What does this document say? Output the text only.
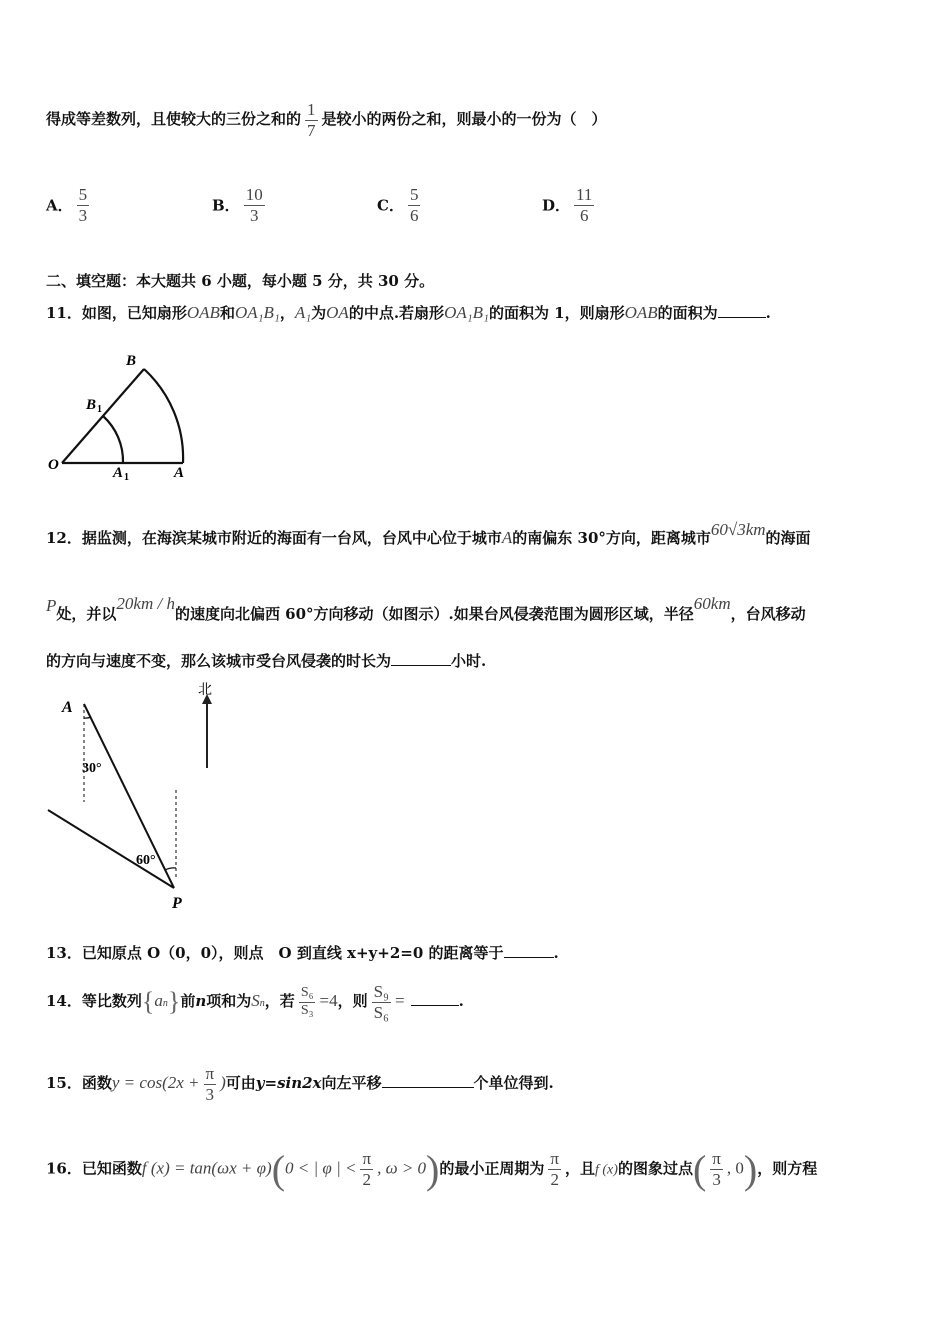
得成等差数列，且使较大的三份之和的 $\frac{1}{7}$ 是较小的两份之和，则最小的一份为（　）
A． $\frac{5}{3}$	B． $\frac{10}{3}$	C． $\frac{5}{6}$	D． $\frac{11}{6}$
二、填空题：本大题共 6 小题，每小题 5 分，共 30 分。
11．如图，已知扇形OAB和OA₁B₁，A₁为OA的中点.若扇形OA₁B₁的面积为 1，则扇形OAB的面积为	.
B
B 1
O	A 1	A
12．据监测，在海滨某城市附近的海面有一台风，台风中心位于城市A的南偏东 30°方向，距离城市60√3km的海面
P处，并以20km / h的速度向北偏西 60°方向移动（如图示）.如果台风侵袭范围为圆形区域，半径60km，台风移动
的方向与速度不变，那么该城市受台风侵袭的时长为	小时.
A
北
30°
60°
P
13．已知原点 O（0，0），则点　O 到直线 x+y+2=0 的距离等于	.
14．等比数列{an}前n项和为Sn，若 $\frac{\text{S₆}}{\text{S₃}} =4$，则 $\frac{\text{S₉}}{\text{S₆}}$ =	.
15．函数$y = \cos(2x + \frac{\pi}{3}$ )可由y=sin2x向左平移	个单位得到.
16．已知函数f (x) = tan(ωx + φ)(0 < | φ | < $\frac{\pi}{2}$ , ω > 0)的最小正周期为 $\frac{\pi}{2}$ ，且f (x)的图象过点( $\frac{\pi}{3}$ , 0)，则方程
